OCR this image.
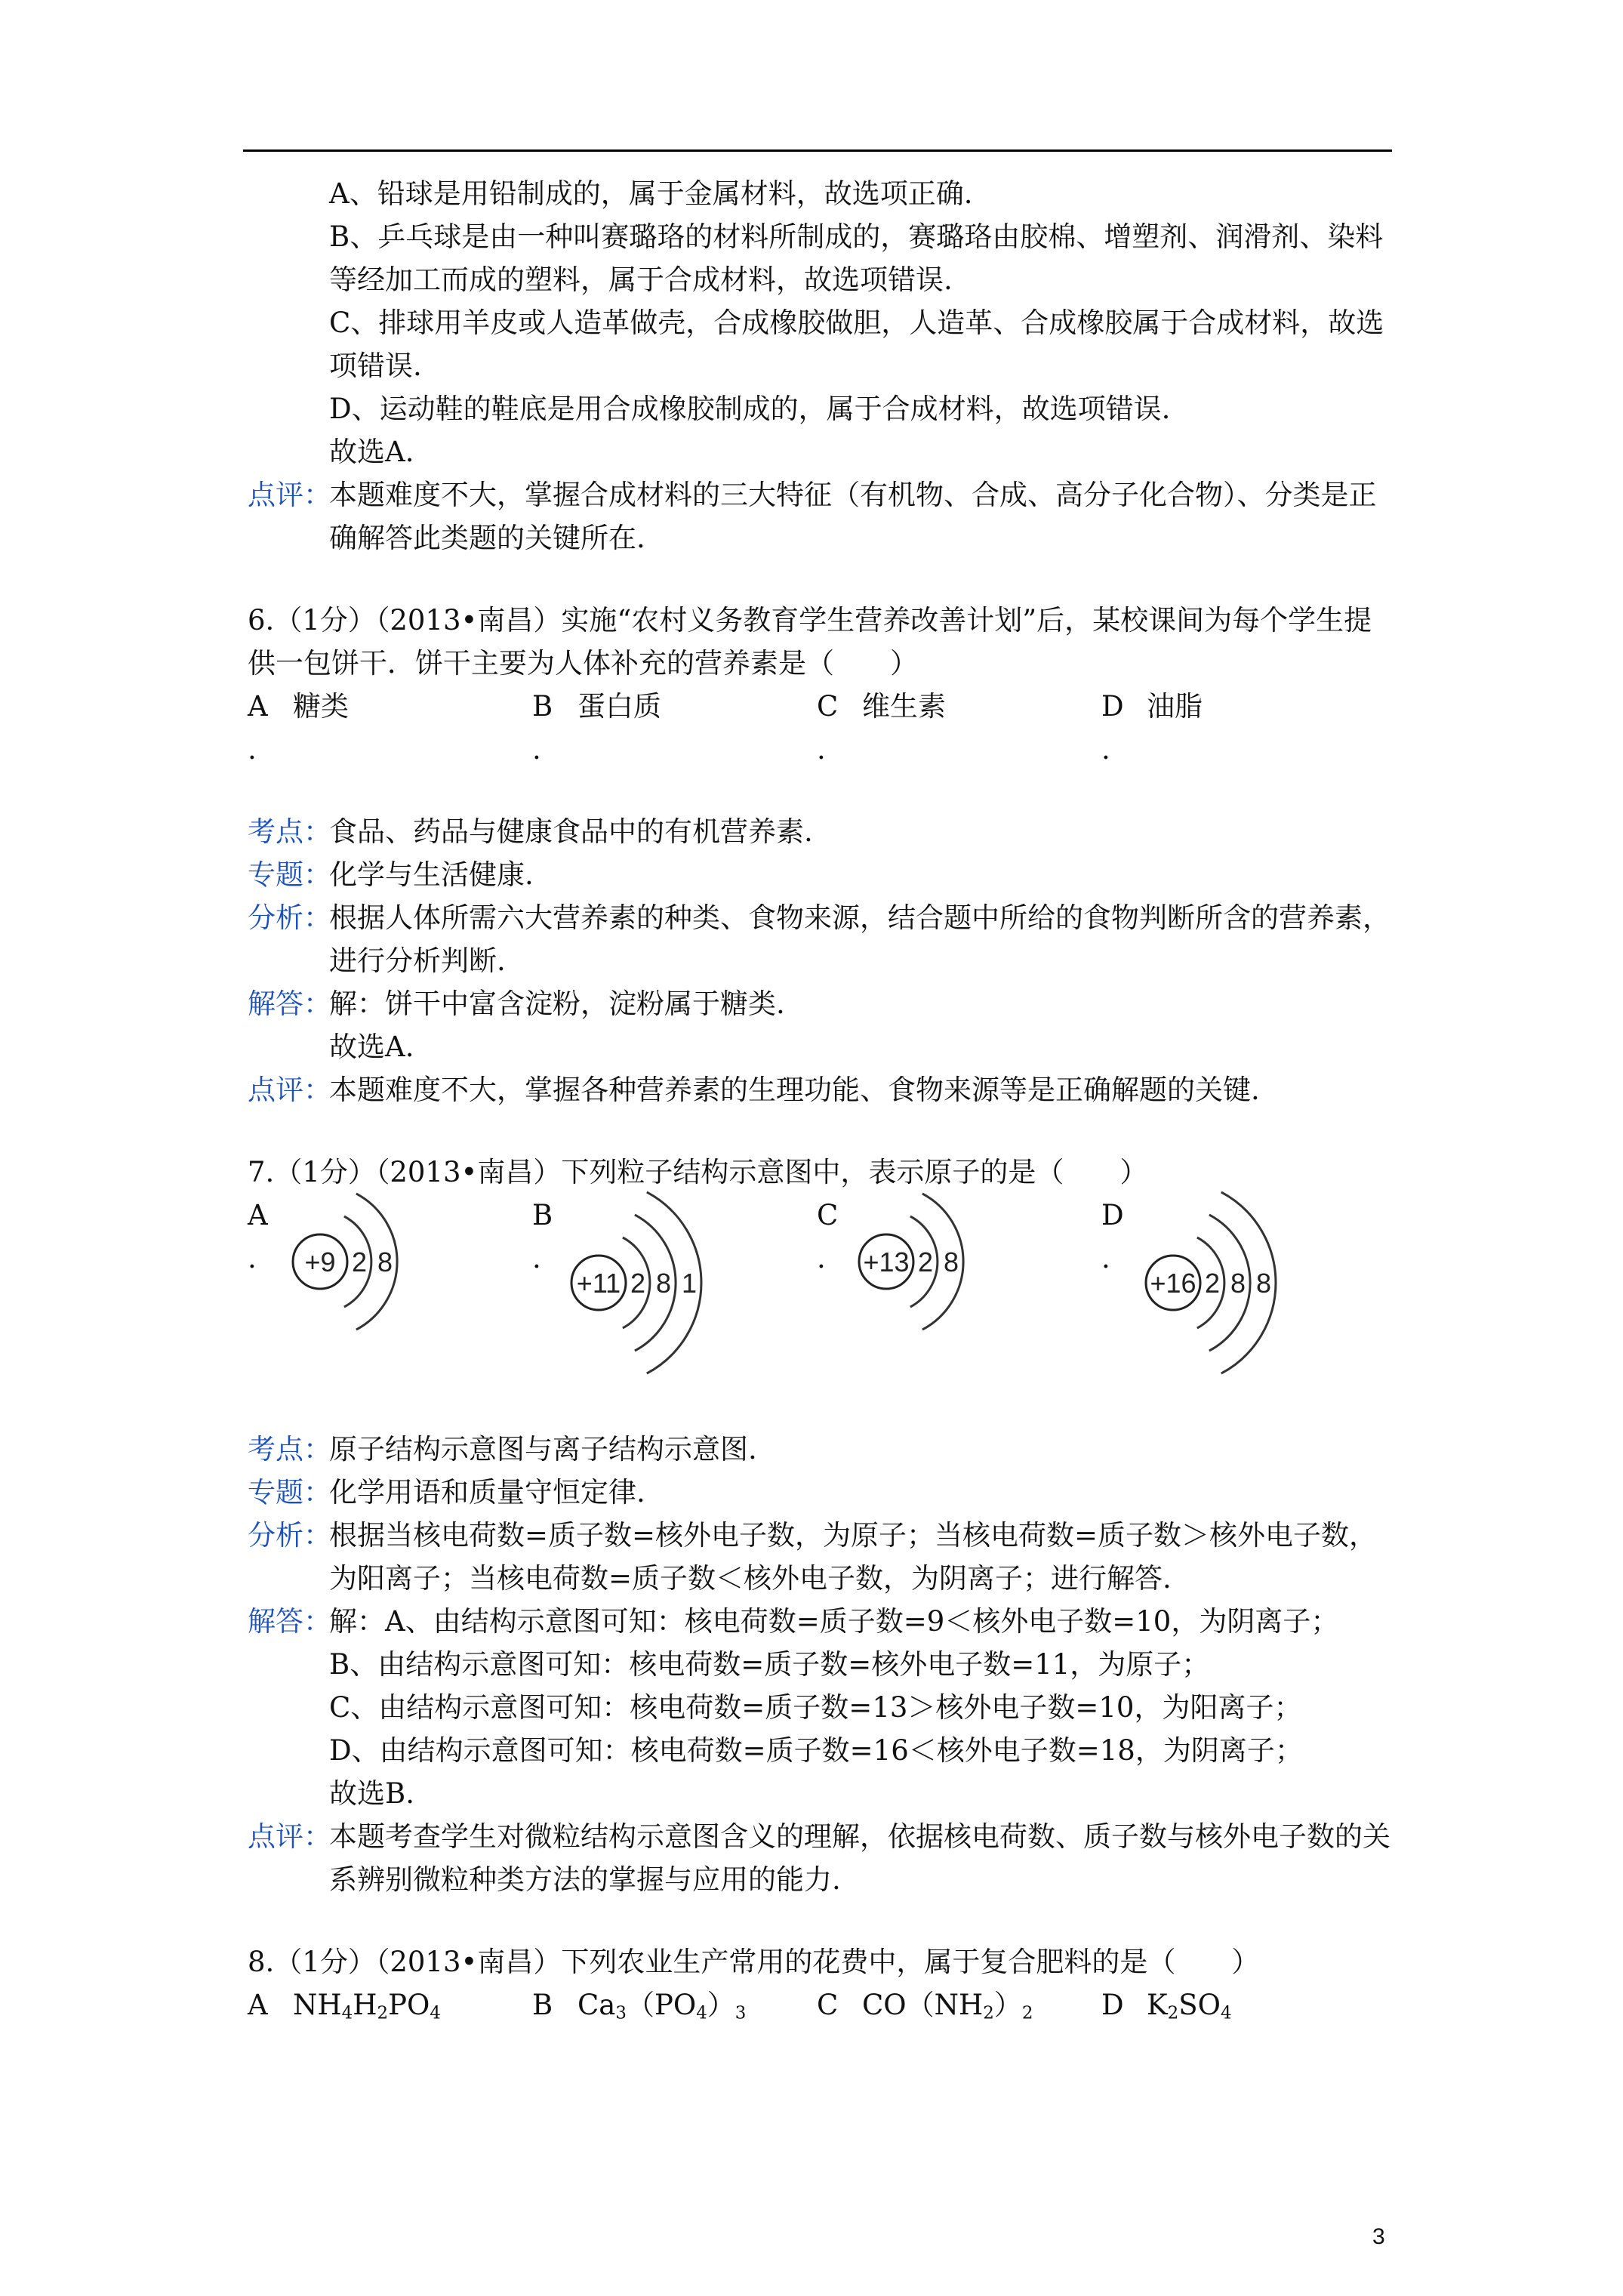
A、铅球是用铅制成的，属于金属材料，故选项正确.

B、乒乓球是由一种叫赛璐珞的材料所制成的，赛璐珞由胶棉、增塑剂、润滑剂、染料等经加工而成的塑料，属于合成材料，故选项错误.

C、排球用羊皮或人造革做壳，合成橡胶做胆，人造革、合成橡胶属于合成材料，故选项错误.

D、运动鞋的鞋底是用合成橡胶制成的，属于合成材料，故选项错误.

故选A.

点评：
本题难度不大，掌握合成材料的三大特征（有机物、合成、高分子化合物）、分类是正确解答此类题的关键所在.

6.（1分）（2013•南昌）实施“农村义务教育学生营养改善计划”后，某校课间为每个学生提供一包饼干．饼干主要为人体补充的营养素是（　　）

A 糖类
.
B 蛋白质
.
C 维生素
.
D 油脂
.
考点：
食品、药品与健康食品中的有机营养素.
专题：
化学与生活健康.
分析：
根据人体所需六大营养素的种类、食物来源，结合题中所给的食物判断所含的营养素，进行分析判断.
解答：
解：饼干中富含淀粉，淀粉属于糖类.

故选A.

点评：
本题难度不大，掌握各种营养素的生理功能、食物来源等是正确解题的关键.

7.（1分）（2013•南昌）下列粒子结构示意图中，表示原子的是（　　）

A
. +9 2 8
B
.
+11 2 8 1
C
. +13 2 8
D
.
+16 2 8 8
考点：
原子结构示意图与离子结构示意图.
专题：
化学用语和质量守恒定律.
分析：
根据当核电荷数=质子数=核外电子数，为原子；当核电荷数=质子数＞核外电子数，为阳离子；当核电荷数=质子数＜核外电子数，为阴离子；进行解答.
解答：
解：A、由结构示意图可知：核电荷数=质子数=9＜核外电子数=10，为阴离子；

B、由结构示意图可知：核电荷数=质子数=核外电子数=11，为原子；

C、由结构示意图可知：核电荷数=质子数=13＞核外电子数=10，为阳离子；

D、由结构示意图可知：核电荷数=质子数=16＜核外电子数=18，为阴离子；

故选B.

点评：
本题考查学生对微粒结构示意图含义的理解，依据核电荷数、质子数与核外电子数的关系辨别微粒种类方法的掌握与应用的能力.

8.（1分）（2013•南昌）下列农业生产常用的花费中，属于复合肥料的是（　　）

A $NH_4H_2PO_4$	B $Ca_3(PO_4)_3$	C $CO(NH_2)_2$ D $K_2SO_4$
3
